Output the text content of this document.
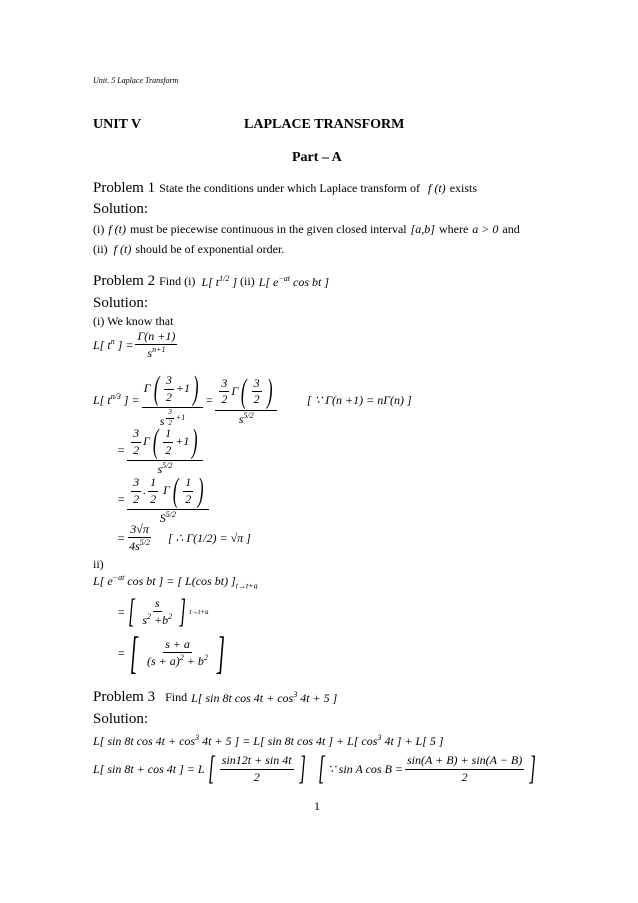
Unit. 5 Laplace Transform
UNIT V	LAPLACE TRANSFORM
Part – A
Problem 1 State the conditions under which Laplace transform of f (t) exists
Solution:
(i) f (t) must be piecewise continuous in the given closed interval [a,b] where a > 0 and
(ii) f (t) should be of exponential order.
Problem 2 Find (i) L[ $t^{1/2}$ ] (ii) L[ $e^{-at}$ cos bt ]
Solution:
(i) We know that
L[ $t^n$ ] = $\frac{\Gamma(n +1)}{s^{n+1}}$
L[ $t^{n/3}$ ] = $\Gamma( \frac{3}{2} +1)$
s $^{\frac{3}{2} +1} = \frac{\frac{3}{2} \Gamma( \frac{3}{2} )}{s^{5/2}}$	[ ∵ Γ(n +1) = nΓ(n) ]
= $\frac{\frac{3}{2} \Gamma( \frac{1}{2} +1)}{s^{5/2}}$
= $\frac{\frac{3}{2} . \frac{1}{2} \Gamma( \frac{1}{2} )}{S^{5/2}}$
= $\frac{3√\pi}{4s^{5/2}}$ [ ∴ Γ(1/2) = √π ]
ii)
L[ $e^{-at}$ cos bt ] = [ L(cos bt) ]$_{t\to t+a}$
= [ $\frac{s}{s^2 +b^2}$ ] t→t+a
= [ $\frac{s + a}{(s + a)^2 + b^2}$ ]
Problem 3 Find L[ sin 8t $\cos 4t + \cos^3 4t + 5$ ]
Solution:
L[ sin 8t $\cos 4t + \cos^3 4t + 5$ ] = L[ sin 8t cos 4t ] + L[ $\cos^3 4t$ ] + L[ 5 ]
L[ sin 8t + cos 4t ] = L [ $\frac{\sin 12t + \sin 4t}{2}$ ] [ ∵ sin A $\cos B = \frac{\sin(A + B) + \sin(A - B)}{2}$ ]
1
